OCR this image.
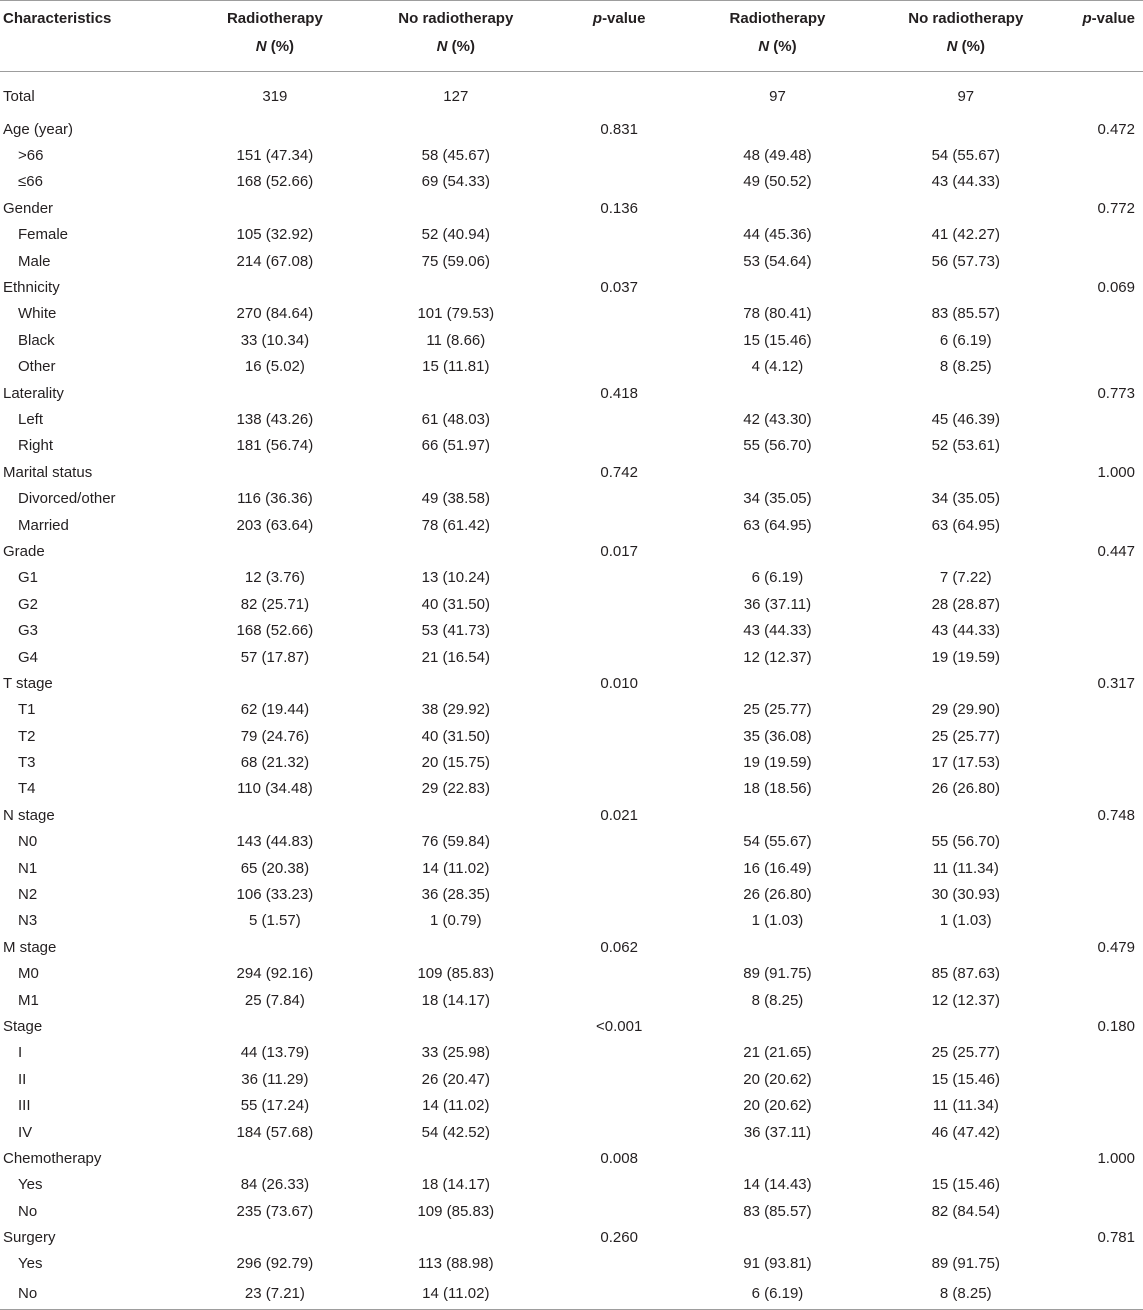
Characteristics	Radiotherapy	No radiotherapy	p-value	Radiotherapy	No radiotherapy	p-value
	N (%)	N (%)		N (%)	N (%)	
Total	319	127		97	97	
Age (year)			0.831			0.472
>66	151 (47.34)	58 (45.67)		48 (49.48)	54 (55.67)	
≤66	168 (52.66)	69 (54.33)		49 (50.52)	43 (44.33)	
Gender			0.136			0.772
Female	105 (32.92)	52 (40.94)		44 (45.36)	41 (42.27)	
Male	214 (67.08)	75 (59.06)		53 (54.64)	56 (57.73)	
Ethnicity			0.037			0.069
White	270 (84.64)	101 (79.53)		78 (80.41)	83 (85.57)	
Black	33 (10.34)	11 (8.66)		15 (15.46)	6 (6.19)	
Other	16 (5.02)	15 (11.81)		4 (4.12)	8 (8.25)	
Laterality			0.418			0.773
Left	138 (43.26)	61 (48.03)		42 (43.30)	45 (46.39)	
Right	181 (56.74)	66 (51.97)		55 (56.70)	52 (53.61)	
Marital status			0.742			1.000
Divorced/other	116 (36.36)	49 (38.58)		34 (35.05)	34 (35.05)	
Married	203 (63.64)	78 (61.42)		63 (64.95)	63 (64.95)	
Grade			0.017			0.447
G1	12 (3.76)	13 (10.24)		6 (6.19)	7 (7.22)	
G2	82 (25.71)	40 (31.50)		36 (37.11)	28 (28.87)	
G3	168 (52.66)	53 (41.73)		43 (44.33)	43 (44.33)	
G4	57 (17.87)	21 (16.54)		12 (12.37)	19 (19.59)	
T stage			0.010			0.317
T1	62 (19.44)	38 (29.92)		25 (25.77)	29 (29.90)	
T2	79 (24.76)	40 (31.50)		35 (36.08)	25 (25.77)	
T3	68 (21.32)	20 (15.75)		19 (19.59)	17 (17.53)	
T4	110 (34.48)	29 (22.83)		18 (18.56)	26 (26.80)	
N stage			0.021			0.748
N0	143 (44.83)	76 (59.84)		54 (55.67)	55 (56.70)	
N1	65 (20.38)	14 (11.02)		16 (16.49)	11 (11.34)	
N2	106 (33.23)	36 (28.35)		26 (26.80)	30 (30.93)	
N3	5 (1.57)	1 (0.79)		1 (1.03)	1 (1.03)	
M stage			0.062			0.479
M0	294 (92.16)	109 (85.83)		89 (91.75)	85 (87.63)	
M1	25 (7.84)	18 (14.17)		8 (8.25)	12 (12.37)	
Stage			<0.001			0.180
I	44 (13.79)	33 (25.98)		21 (21.65)	25 (25.77)	
II	36 (11.29)	26 (20.47)		20 (20.62)	15 (15.46)	
III	55 (17.24)	14 (11.02)		20 (20.62)	11 (11.34)	
IV	184 (57.68)	54 (42.52)		36 (37.11)	46 (47.42)	
Chemotherapy			0.008			1.000
Yes	84 (26.33)	18 (14.17)		14 (14.43)	15 (15.46)	
No	235 (73.67)	109 (85.83)		83 (85.57)	82 (84.54)	
Surgery			0.260			0.781
Yes	296 (92.79)	113 (88.98)		91 (93.81)	89 (91.75)	
No	23 (7.21)	14 (11.02)		6 (6.19)	8 (8.25)	
